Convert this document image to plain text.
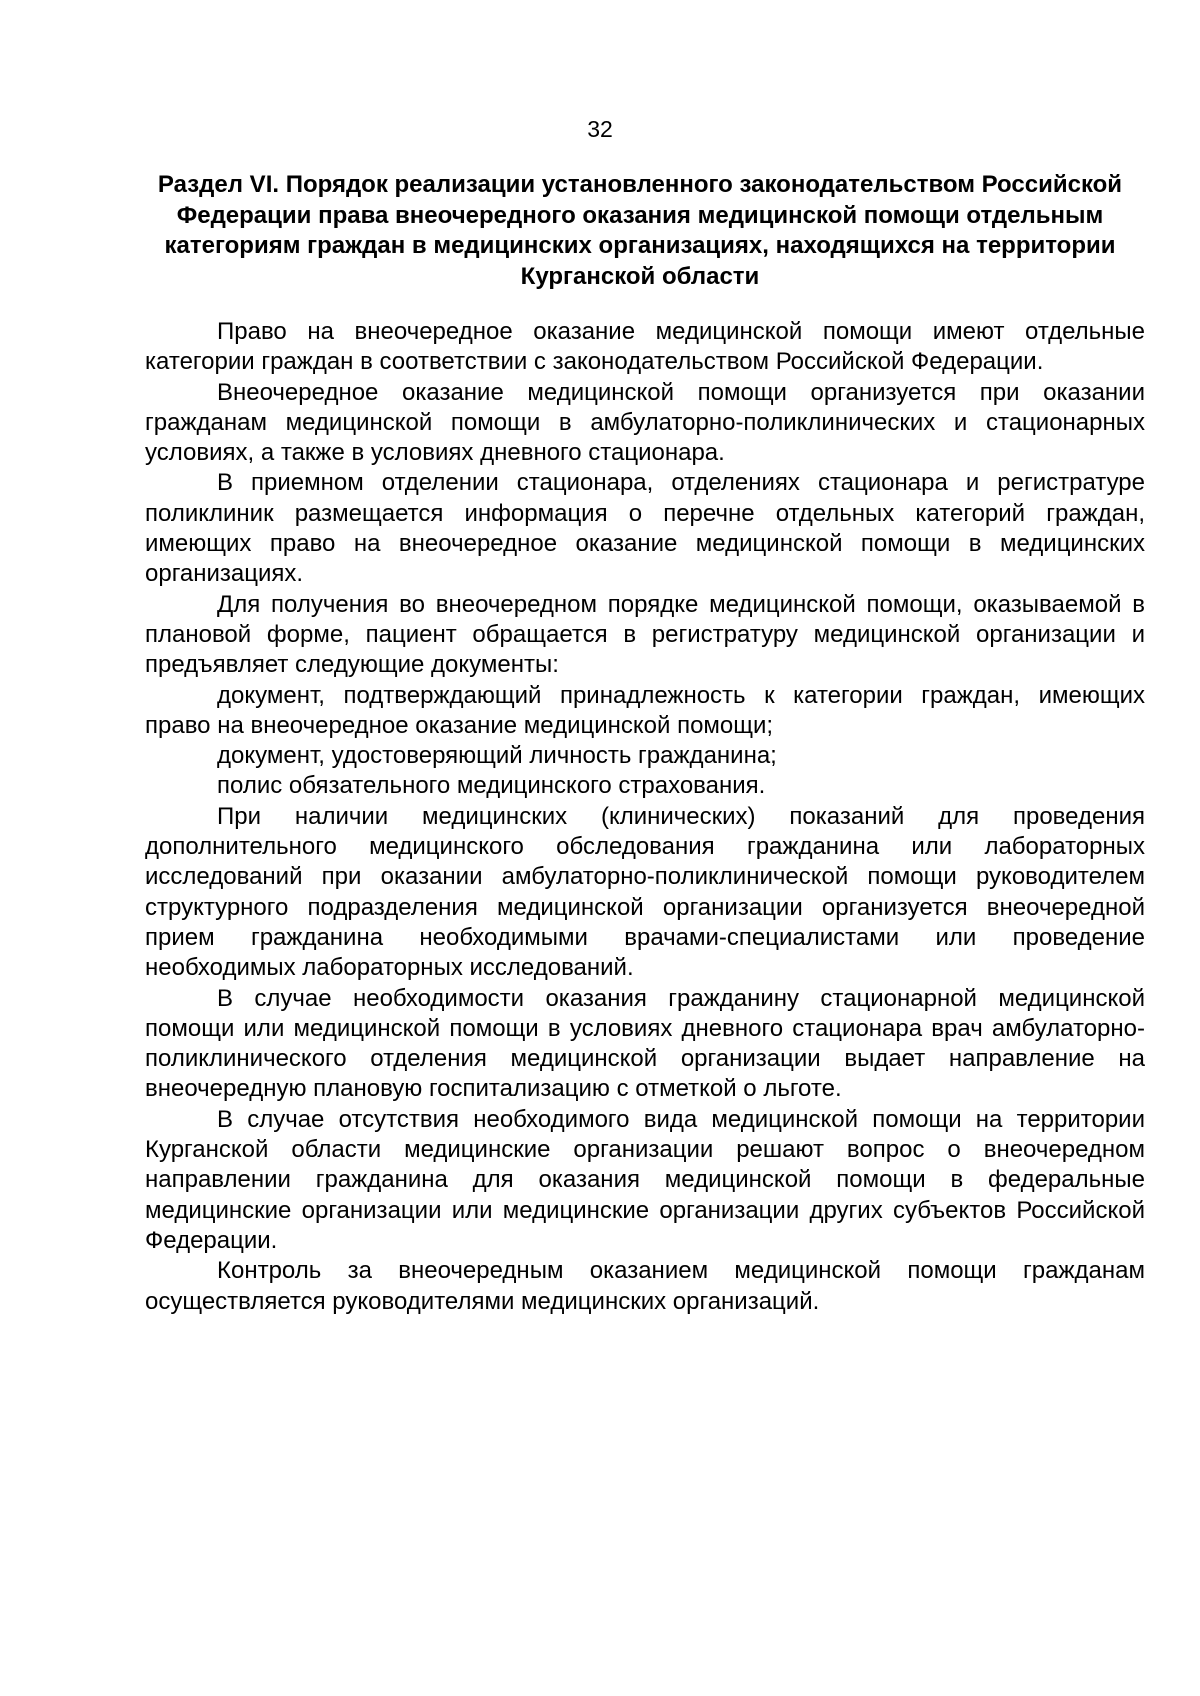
32
Раздел VI. Порядок реализации установленного законодательством Российской Федерации права внеочередного оказания медицинской помощи отдельным категориям граждан в медицинских организациях, находящихся на территории Курганской области

Право на внеочередное оказание медицинской помощи имеют отдельные категории граждан в соответствии с законодательством Российской Федерации.

Внеочередное оказание медицинской помощи организуется при оказании гражданам медицинской помощи в амбулаторно-поликлинических и стационарных условиях, а также в условиях дневного стационара.

В приемном отделении стационара, отделениях стационара и регистратуре поликлиник размещается информация о перечне отдельных категорий граждан, имеющих право на внеочередное оказание медицинской помощи в медицинских организациях.

Для получения во внеочередном порядке медицинской помощи, оказываемой в плановой форме, пациент обращается в регистратуру медицинской организации и предъявляет следующие документы:

документ, подтверждающий принадлежность к категории граждан, имеющих право на внеочередное оказание медицинской помощи;

документ, удостоверяющий личность гражданина;

полис обязательного медицинского страхования.

При наличии медицинских (клинических) показаний для проведения дополнительного медицинского обследования гражданина или лабораторных исследований при оказании амбулаторно-поликлинической помощи руководителем структурного подразделения медицинской организации организуется внеочередной прием гражданина необходимыми врачами-специалистами или проведение необходимых лабораторных исследований.

В случае необходимости оказания гражданину стационарной медицинской помощи или медицинской помощи в условиях дневного стационара врач амбулаторно-поликлинического отделения медицинской организации выдает направление на внеочередную плановую госпитализацию с отметкой о льготе.

В случае отсутствия необходимого вида медицинской помощи на территории Курганской области медицинские организации решают вопрос о внеочередном направлении гражданина для оказания медицинской помощи в федеральные медицинские организации или медицинские организации других субъектов Российской Федерации.

Контроль за внеочередным оказанием медицинской помощи гражданам осуществляется руководителями медицинских организаций.
